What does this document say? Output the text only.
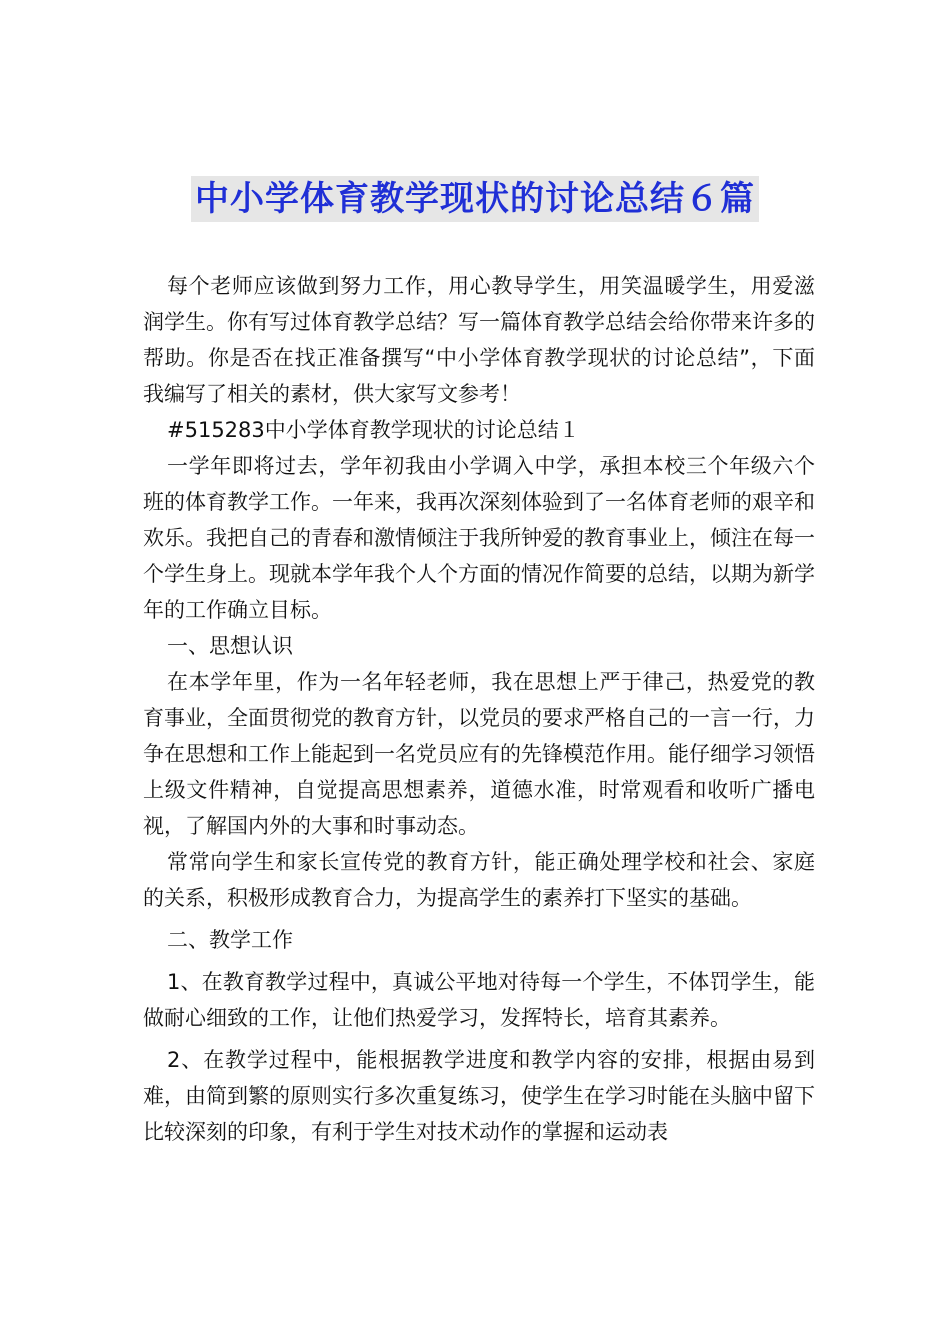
中小学体育教学现状的讨论总结６篇

每个老师应该做到努力工作，用心教导学生，用笑温暖学生，用爱滋润学生。你有写过体育教学总结？写一篇体育教学总结会给你带来许多的帮助。你是否在找正准备撰写“中小学体育教学现状的讨论总结”，下面我编写了相关的素材，供大家写文参考！

#515283中小学体育教学现状的讨论总结１

一学年即将过去，学年初我由小学调入中学，承担本校三个年级六个班的体育教学工作。一年来，我再次深刻体验到了一名体育老师的艰辛和欢乐。我把自己的青春和激情倾注于我所钟爱的教育事业上，倾注在每一个学生身上。现就本学年我个人个方面的情况作简要的总结，以期为新学年的工作确立目标。

一、思想认识

在本学年里，作为一名年轻老师，我在思想上严于律己，热爱党的教育事业，全面贯彻党的教育方针，以党员的要求严格自己的一言一行，力争在思想和工作上能起到一名党员应有的先锋模范作用。能仔细学习领悟上级文件精神，自觉提高思想素养，道德水准，时常观看和收听广播电视，了解国内外的大事和时事动态。

常常向学生和家长宣传党的教育方针，能正确处理学校和社会、家庭的关系，积极形成教育合力，为提高学生的素养打下坚实的基础。

二、教学工作

1、在教育教学过程中，真诚公平地对待每一个学生，不体罚学生，能做耐心细致的工作，让他们热爱学习，发挥特长，培育其素养。

2、在教学过程中，能根据教学进度和教学内容的安排，根据由易到难，由简到繁的原则实行多次重复练习，使学生在学习时能在头脑中留下比较深刻的印象，有利于学生对技术动作的掌握和运动表
